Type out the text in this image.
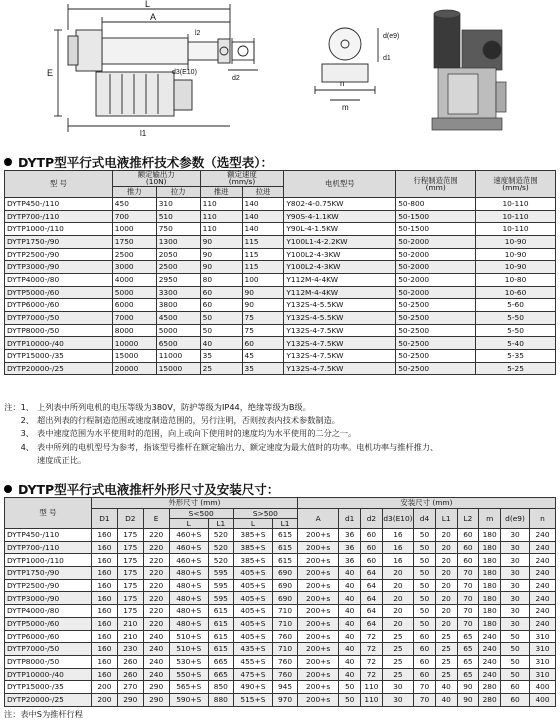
L
A
E
l2
d3(E10)
l1
d2
n
m
d(e9)
d1
DYTP型平行式电液推杆技术参数（选型表）：
型 号	额定输出力
(10N)		额定速度
(mm/s)		电机型号	行程制造范围
(mm)	速度制造范围
(mm/s)
	推力	拉力	推进	拉进			
DYTP450-/110	450	310	110	140	Y802-4-0.75KW	50-800	10-110
DYTP700-/110	700	510	110	140	Y90S-4-1.1KW	50-1500	10-110
DYTP1000-/110	1000	750	110	140	Y90L-4-1.5KW	50-1500	10-110
DYTP1750-/90	1750	1300	90	115	Y100L1-4-2.2KW	50-2000	10-90
DYTP2500-/90	2500	2050	90	115	Y100L2-4-3KW	50-2000	10-90
DYTP3000-/90	3000	2500	90	115	Y100L2-4-3KW	50-2000	10-90
DYTP4000-/80	4000	2950	80	100	Y112M-4-4KW	50-2000	10-80
DYTP5000-/60	5000	3300	60	90	Y112M-4-4KW	50-2000	10-60
DYTP6000-/60	6000	3800	60	90	Y132S-4-5.5KW	50-2500	5-60
DYTP7000-/50	7000	4500	50	75	Y132S-4-5.5KW	50-2500	5-50
DYTP8000-/50	8000	5000	50	75	Y132S-4-7.5KW	50-2500	5-50
DYTP10000-/40	10000	6500	40	60	Y132S-4-7.5KW	50-2500	5-40
DYTP15000-/35	15000	11000	35	45	Y132S-4-7.5KW	50-2500	5-35
DYTP20000-/25	20000	15000	25	35	Y132S-4-7.5KW	50-2500	5-25
注：1、 上列表中所列电机的电压等级为380V，防护等级为IP44，绝缘等级为B级。
2、 超出列表的行程制造范围或速度制造范围的，另行注明，否则按表内技术参数制造。
3、 表中速度范围为水平使用时的范围，向上或向下使用时的速度均为水平使用的二分之一。
4、 表中所列的电机型号为参考，指该型号推杆在额定输出力、额定速度为最大值时的功率。电机功率与推杆推力、
速度成正比。
DYTP型平行式电液推杆外形尺寸及安装尺寸：
型 号	外形尺寸 (mm)							安装尺寸 (mm)									
	D1	D2	E	S<500		S>500		A	d1	d2	d3(E10)	d4	L1	L2	m	d(e9)	n
				L	L1	L	L1										
DYTP450-/110	160	175	220	460+S	520	385+S	615	200+s	36	60	16	50	20	60	180	30	240
DYTP700-/110	160	175	220	460+S	520	385+S	615	200+s	36	60	16	50	20	60	180	30	240
DYTP1000-/110	160	175	220	460+S	520	385+S	615	200+s	36	60	16	50	20	60	180	30	240
DYTP1750-/90	160	175	220	480+S	595	405+S	690	200+s	40	64	20	50	20	70	180	30	240
DYTP2500-/90	160	175	220	480+S	595	405+S	690	200+s	40	64	20	50	20	70	180	30	240
DYTP3000-/90	160	175	220	480+S	595	405+S	690	200+s	40	64	20	50	20	70	180	30	240
DYTP4000-/80	160	175	220	480+S	615	405+S	710	200+s	40	64	20	50	20	70	180	30	240
DYTP5000-/60	160	210	220	480+S	615	405+S	710	200+s	40	64	20	50	20	70	180	30	240
DYTP6000-/60	160	210	240	510+S	615	405+S	760	200+s	40	72	25	60	25	65	240	50	310
DYTP7000-/50	160	230	240	510+S	615	435+S	710	200+s	40	72	25	60	25	65	240	50	310
DYTP8000-/50	160	260	240	530+S	665	455+S	760	200+s	40	72	25	60	25	65	240	50	310
DYTP10000-/40	160	260	240	550+S	665	475+S	760	200+s	40	72	25	60	25	65	240	50	310
DYTP15000-/35	200	270	290	565+S	850	490+S	945	200+s	50	110	30	70	40	90	280	60	400
DYTP20000-/25	200	290	290	590+S	880	515+S	970	200+s	50	110	30	70	40	90	280	60	400
注：表中S为推杆行程
